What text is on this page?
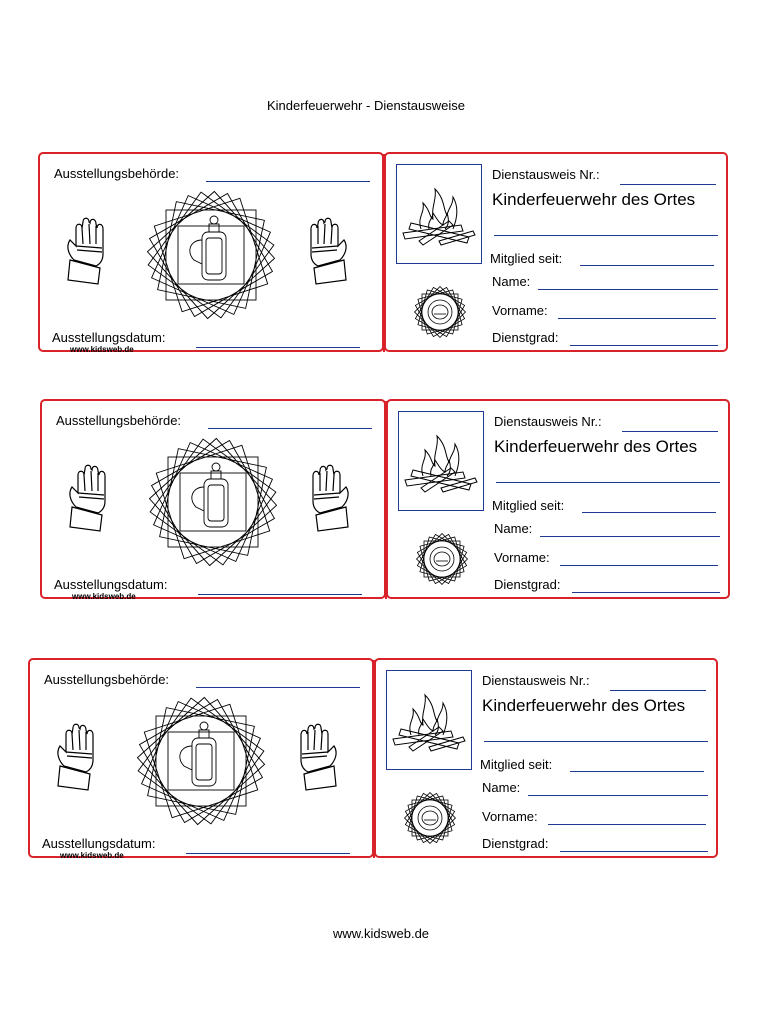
Kinderfeuerwehr - Dienstausweise
Ausstellungsbehörde:
Ausstellungsdatum:
www.kidsweb.de
Dienstausweis Nr.:
Kinderfeuerwehr des Ortes
Mitglied seit:
Name:
Vorname:
Dienstgrad:
Ausstellungsbehörde:
Ausstellungsdatum:
www.kidsweb.de
Dienstausweis Nr.:
Kinderfeuerwehr des Ortes
Mitglied seit:
Name:
Vorname:
Dienstgrad:
Ausstellungsbehörde:
Ausstellungsdatum:
www.kidsweb.de
Dienstausweis Nr.:
Kinderfeuerwehr des Ortes
Mitglied seit:
Name:
Vorname:
Dienstgrad:
www.kidsweb.de
